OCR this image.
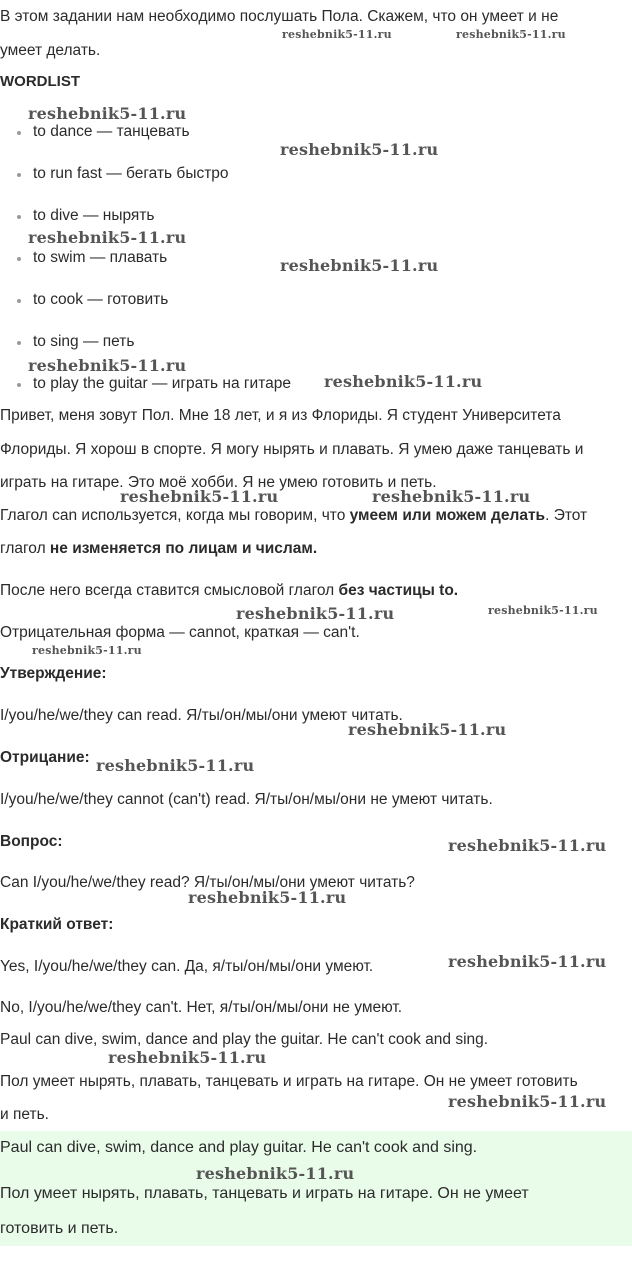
В этом задании нам необходимо послушать Пола. Скажем, что он умеет и не
умеет делать.
WORDLIST
to dance — танцевать
to run fast — бегать быстро
to dive — нырять
to swim — плавать
to cook — готовить
to sing — петь
to play the guitar — играть на гитаре
Привет, меня зовут Пол. Мне 18 лет, и я из Флориды. Я студент Университета
Флориды. Я хорош в спорте. Я могу нырять и плавать. Я умею даже танцевать и
играть на гитаре. Это моё хобби. Я не умею готовить и петь.
Глагол can используется, когда мы говорим, что умеем или можем делать. Этот
глагол не изменяется по лицам и числам.
После него всегда ставится смысловой глагол без частицы to.
Отрицательная форма — cannot, краткая — can't.
Утверждение:
I/you/he/we/they can read. Я/ты/он/мы/они умеют читать.
Отрицание:
I/you/he/we/they cannot (can't) read. Я/ты/он/мы/они не умеют читать.
Вопрос:
Can I/you/he/we/they read? Я/ты/он/мы/они умеют читать?
Краткий ответ:
Yes, I/you/he/we/they can. Да, я/ты/он/мы/они умеют.
No, I/you/he/we/they can't. Нет, я/ты/он/мы/они не умеют.
Paul can dive, swim, dance and play the guitar. He can't cook and sing.
Пол умеет нырять, плавать, танцевать и играть на гитаре. Он не умеет готовить
и петь.
Paul can dive, swim, dance and play guitar. He can't cook and sing.
Пол умеет нырять, плавать, танцевать и играть на гитаре. Он не умеет
готовить и петь.
reshebnik5-11.ru	reshebnik5-11.ru
reshebnik5-11.ru
reshebnik5-11.ru
reshebnik5-11.ru
reshebnik5-11.ru
reshebnik5-11.ru
reshebnik5-11.ru
reshebnik5-11.ru	reshebnik5-11.ru
reshebnik5-11.ru	reshebnik5-11.ru
reshebnik5-11.ru
reshebnik5-11.ru
reshebnik5-11.ru
reshebnik5-11.ru
reshebnik5-11.ru
reshebnik5-11.ru
reshebnik5-11.ru
reshebnik5-11.ru
reshebnik5-11.ru
